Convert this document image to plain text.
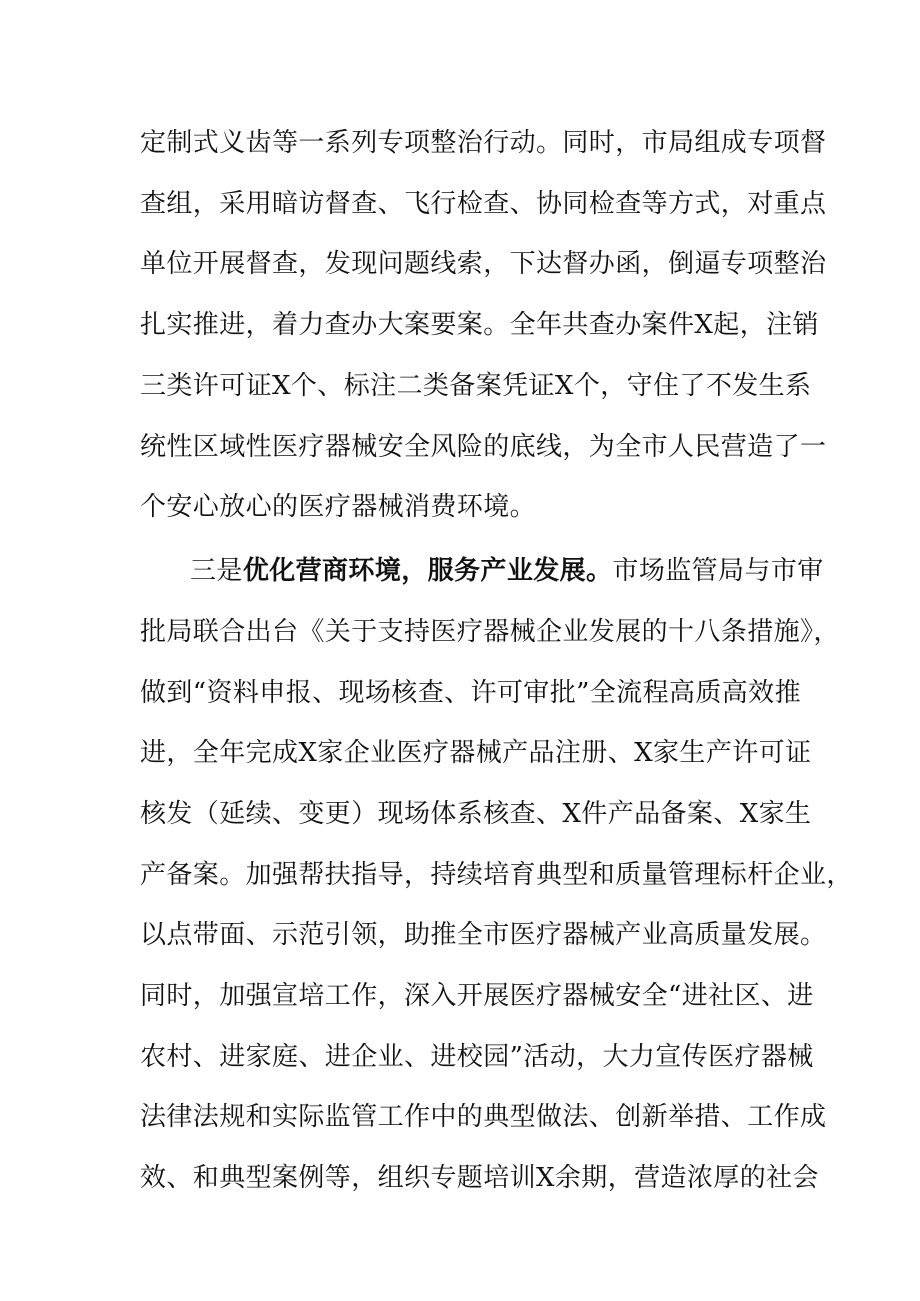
定制式义齿等一系列专项整治行动。同时，市局组成专项督
查组，采用暗访督查、飞行检查、协同检查等方式，对重点
单位开展督查，发现问题线索，下达督办函，倒逼专项整治
扎实推进，着力查办大案要案。全年共查办案件X起，注销
三类许可证X个、标注二类备案凭证X个，守住了不发生系
统性区域性医疗器械安全风险的底线，为全市人民营造了一
个安心放心的医疗器械消费环境。
三是优化营商环境，服务产业发展。市场监管局与市审
批局联合出台《关于支持医疗器械企业发展的十八条措施》，
做到“资料申报、现场核查、许可审批”全流程高质高效推
进，全年完成X家企业医疗器械产品注册、X家生产许可证
核发（延续、变更）现场体系核查、X件产品备案、X家生
产备案。加强帮扶指导，持续培育典型和质量管理标杆企业，
以点带面、示范引领，助推全市医疗器械产业高质量发展。
同时，加强宣培工作，深入开展医疗器械安全“进社区、进
农村、进家庭、进企业、进校园”活动，大力宣传医疗器械
法律法规和实际监管工作中的典型做法、创新举措、工作成
效、和典型案例等，组织专题培训X余期，营造浓厚的社会
